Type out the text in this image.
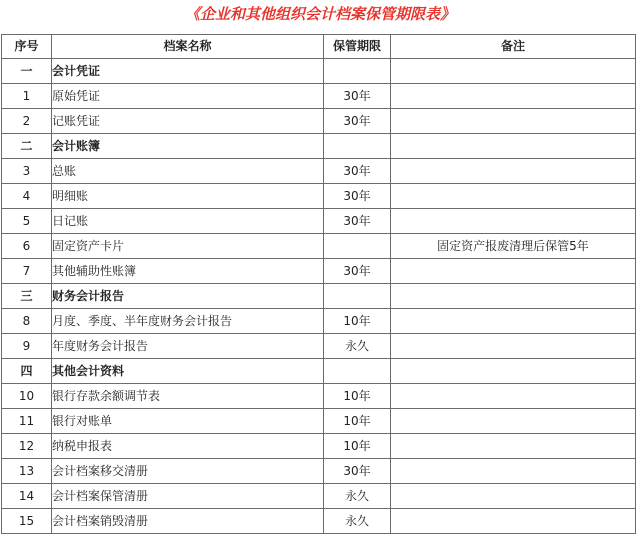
《企业和其他组织会计档案保管期限表》
序号	档案名称	保管期限	备注
一	会计凭证		
1	原始凭证	30年	
2	记账凭证	30年	
二	会计账簿		
3	总账	30年	
4	明细账	30年	
5	日记账	30年	
6	固定资产卡片		固定资产报废清理后保管5年
7	其他辅助性账簿	30年	
三	财务会计报告		
8	月度、季度、半年度财务会计报告	10年	
9	年度财务会计报告	永久	
四	其他会计资料		
10	银行存款余额调节表	10年	
11	银行对账单	10年	
12	纳税申报表	10年	
13	会计档案移交清册	30年	
14	会计档案保管清册	永久	
15	会计档案销毁清册	永久	
